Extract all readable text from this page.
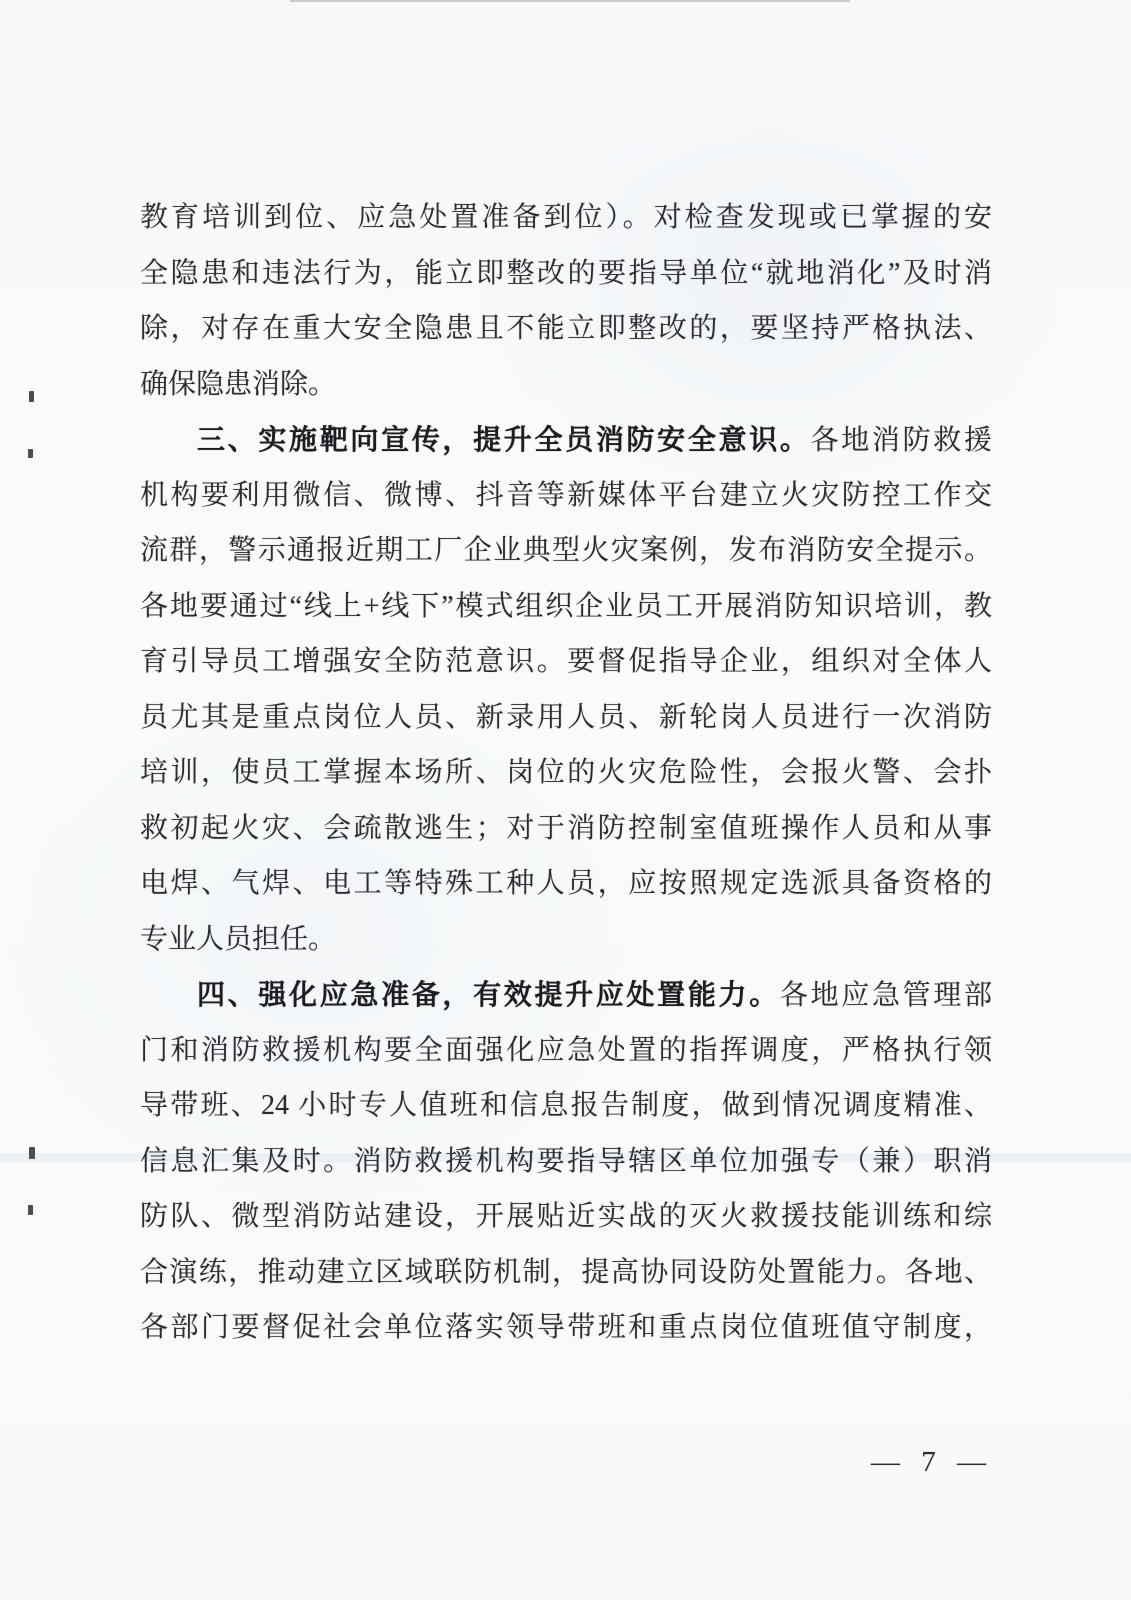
教育培训到位、应急处置准备到位）。对检查发现或已掌握的安
全隐患和违法行为，能立即整改的要指导单位“就地消化”及时消
除，对存在重大安全隐患且不能立即整改的，要坚持严格执法、
确保隐患消除。
三、实施靶向宣传，提升全员消防安全意识。各地消防救援
机构要利用微信、微博、抖音等新媒体平台建立火灾防控工作交
流群，警示通报近期工厂企业典型火灾案例，发布消防安全提示。
各地要通过“线上+线下”模式组织企业员工开展消防知识培训，教
育引导员工增强安全防范意识。要督促指导企业，组织对全体人
员尤其是重点岗位人员、新录用人员、新轮岗人员进行一次消防
培训，使员工掌握本场所、岗位的火灾危险性，会报火警、会扑
救初起火灾、会疏散逃生；对于消防控制室值班操作人员和从事
电焊、气焊、电工等特殊工种人员，应按照规定选派具备资格的
专业人员担任。
四、强化应急准备，有效提升应处置能力。各地应急管理部
门和消防救援机构要全面强化应急处置的指挥调度，严格执行领
导带班、24 小时专人值班和信息报告制度，做到情况调度精准、
信息汇集及时。消防救援机构要指导辖区单位加强专（兼）职消
防队、微型消防站建设，开展贴近实战的灭火救援技能训练和综
合演练，推动建立区域联防机制，提高协同设防处置能力。各地、
各部门要督促社会单位落实领导带班和重点岗位值班值守制度，
— 7 —
